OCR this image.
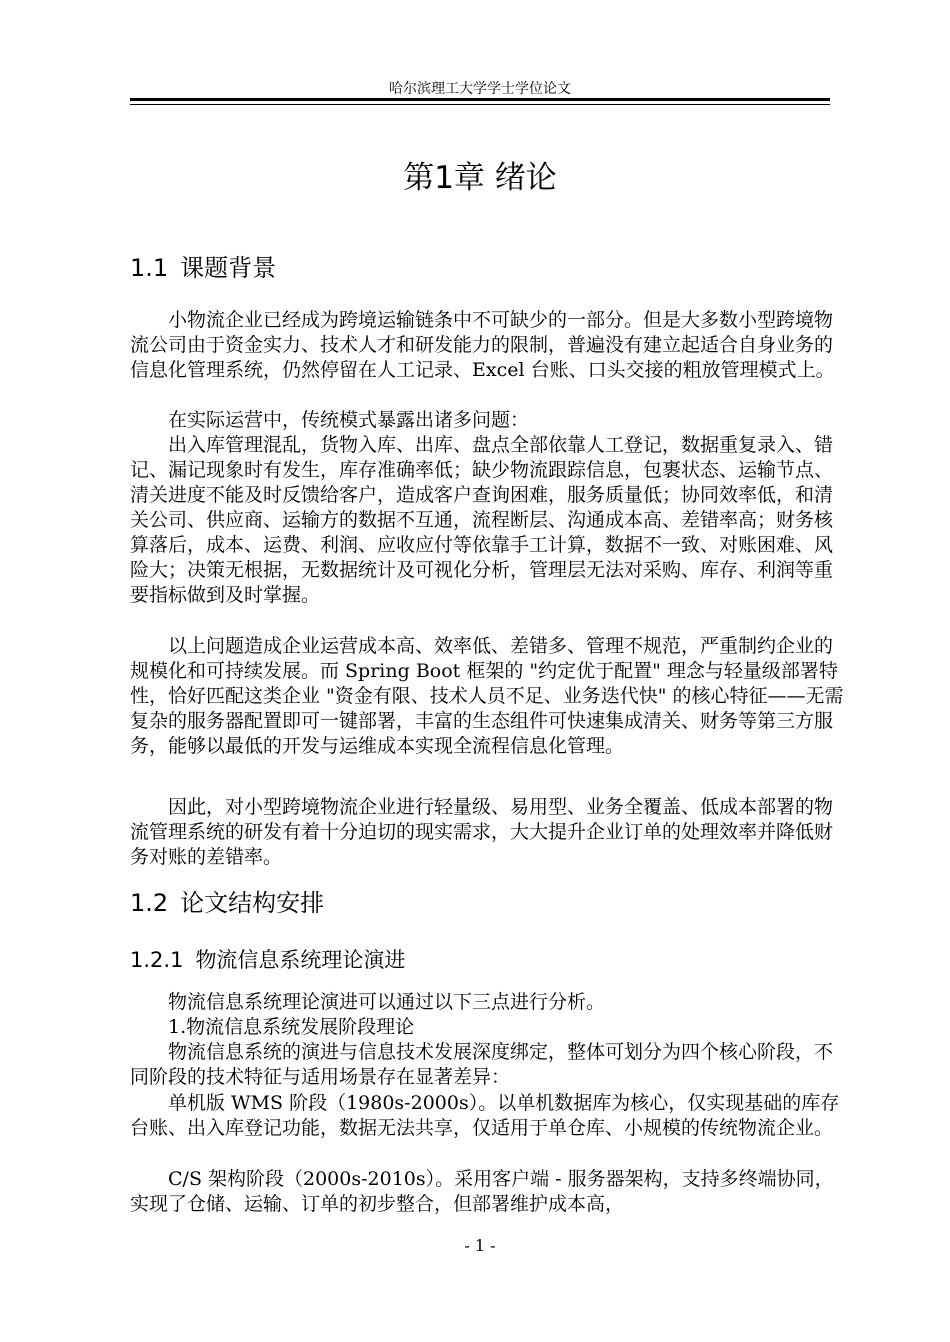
哈尔滨理工大学学士学位论文
第1章 绪论
1.1 课题背景

小物流企业已经成为跨境运输链条中不可缺少的一部分。但是大多数小型跨境物流公司由于资金实力、技术人才和研发能力的限制，普遍没有建立起适合自身业务的信息化管理系统，仍然停留在人工记录、Excel 台账、口头交接的粗放管理模式上。

在实际运营中，传统模式暴露出诸多问题：

出入库管理混乱，货物入库、出库、盘点全部依靠人工登记，数据重复录入、错记、漏记现象时有发生，库存准确率低；缺少物流跟踪信息，包裹状态、运输节点、清关进度不能及时反馈给客户，造成客户查询困难，服务质量低；协同效率低，和清关公司、供应商、运输方的数据不互通，流程断层、沟通成本高、差错率高；财务核算落后，成本、运费、利润、应收应付等依靠手工计算，数据不一致、对账困难、风险大；决策无根据，无数据统计及可视化分析，管理层无法对采购、库存、利润等重要指标做到及时掌握。

以上问题造成企业运营成本高、效率低、差错多、管理不规范，严重制约企业的规模化和可持续发展。而 Spring Boot 框架的 "约定优于配置" 理念与轻量级部署特性，恰好匹配这类企业 "资金有限、技术人员不足、业务迭代快" 的核心特征——无需复杂的服务器配置即可一键部署，丰富的生态组件可快速集成清关、财务等第三方服务，能够以最低的开发与运维成本实现全流程信息化管理。

因此，对小型跨境物流企业进行轻量级、易用型、业务全覆盖、低成本部署的物流管理系统的研发有着十分迫切的现实需求，大大提升企业订单的处理效率并降低财务对账的差错率。

1.2 论文结构安排
1.2.1 物流信息系统理论演进

物流信息系统理论演进可以通过以下三点进行分析。

1.物流信息系统发展阶段理论

物流信息系统的演进与信息技术发展深度绑定，整体可划分为四个核心阶段，不同阶段的技术特征与适用场景存在显著差异：

单机版 WMS 阶段（1980s-2000s）。以单机数据库为核心，仅实现基础的库存台账、出入库登记功能，数据无法共享，仅适用于单仓库、小规模的传统物流企业。

C/S 架构阶段（2000s-2010s）。采用客户端 - 服务器架构，支持多终端协同，实现了仓储、运输、订单的初步整合，但部署维护成本高，

- 1 -
